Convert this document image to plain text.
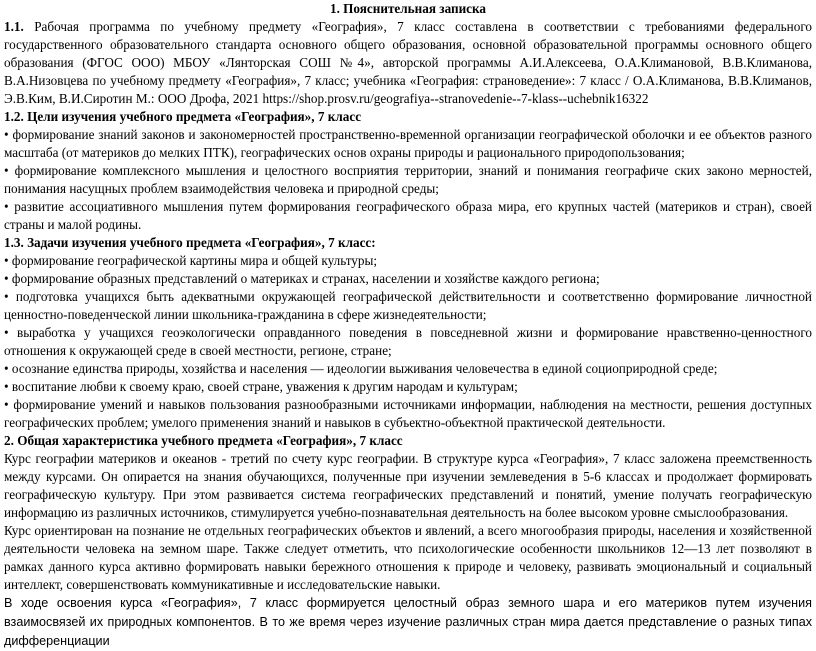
1. Пояснительная записка

1.1. Рабочая программа по учебному предмету «География», 7 класс составлена в соответствии с требованиями федерального государственного образовательного стандарта основного общего образования, основной образовательной программы основного общего образования (ФГОС ООО) МБОУ «Лянторская СОШ №4», авторской программы А.И.Алексеева, О.А.Климановой, В.В.Климанова, В.А.Низовцева по учебному предмету «География», 7 класс; учебника «География: страноведение»: 7 класс / О.А.Климанова, В.В.Климанов, Э.В.Ким, В.И.Сиротин М.: ООО Дрофа, 2021 https://shop.prosv.ru/geografiya--stranovedenie--7-klass--uchebnik16322

1.2. Цели изучения учебного предмета «География», 7 класс

• формирование знаний законов и закономерностей пространственно-временной организации географической оболочки и ее объектов разного масштаба (от материков до мелких ПТК), географических основ охраны природы и рационального природопользования;

• формирование комплексного мышления и целостного восприятия территории, знаний и понимания географиче ских законо мерностей, понимания насущных проблем взаимодействия человека и природной среды;

• развитие ассоциативного мышления путем формирования географического образа мира, его крупных частей (материков и стран), своей страны и малой родины.

1.3. Задачи изучения учебного предмета «География», 7 класс:

• формирование географической картины мира и общей культуры;

• формирование образных представлений о материках и странах, населении и хозяйстве каждого региона;

• подготовка учащихся быть адекватными окружающей географической действительности и соответственно формирование личностной ценностно-поведенческой линии школьника-гражданина в сфере жизнедеятельности;

• выработка у учащихся геоэкологически оправданного поведения в повседневной жизни и формирование нравственно-ценностного отношения к окружающей среде в своей местности, регионе, стране;

• осознание единства природы, хозяйства и населения — идеологии выживания человечества в единой социоприродной среде;

• воспитание любви к своему краю, своей стране, уважения к другим народам и культурам;

• формирование умений и навыков пользования разнообразными источниками информации, наблюдения на местности, решения доступных географических проблем; умелого применения знаний и навыков в субъектно-объектной практической деятельности.

2. Общая характеристика учебного предмета «География», 7 класс

Курс географии материков и океанов - третий по счету курс географии. В структуре курса «География», 7 класс заложена преемственность между курсами. Он опирается на знания обучающихся, полученные при изучении землеведения в 5-6 классах и продолжает формировать географическую культуру. При этом развивается система географических представлений и понятий, умение получать географическую информацию из различных источников, стимулируется учебно-познавательная деятельность на более высоком уровне смыслообразования.

Курс ориентирован на познание не отдельных географических объектов и явлений, а всего многообразия природы, населения и хозяйственной деятельности человека на земном шаре. Также следует отметить, что психологические особенности школьников 12—13 лет позволяют в рамках данного курса активно формировать навыки бережного отношения к природе и человеку, развивать эмоциональный и социальный интеллект, совершенствовать коммуникативные и исследовательские навыки.

В ходе освоения курса «География», 7 класс формируется целостный образ земного шара и его материков путем изучения взаимосвязей их природных компонентов. В то же время через изучение различных стран мира дается представление о разных типах дифференциации
